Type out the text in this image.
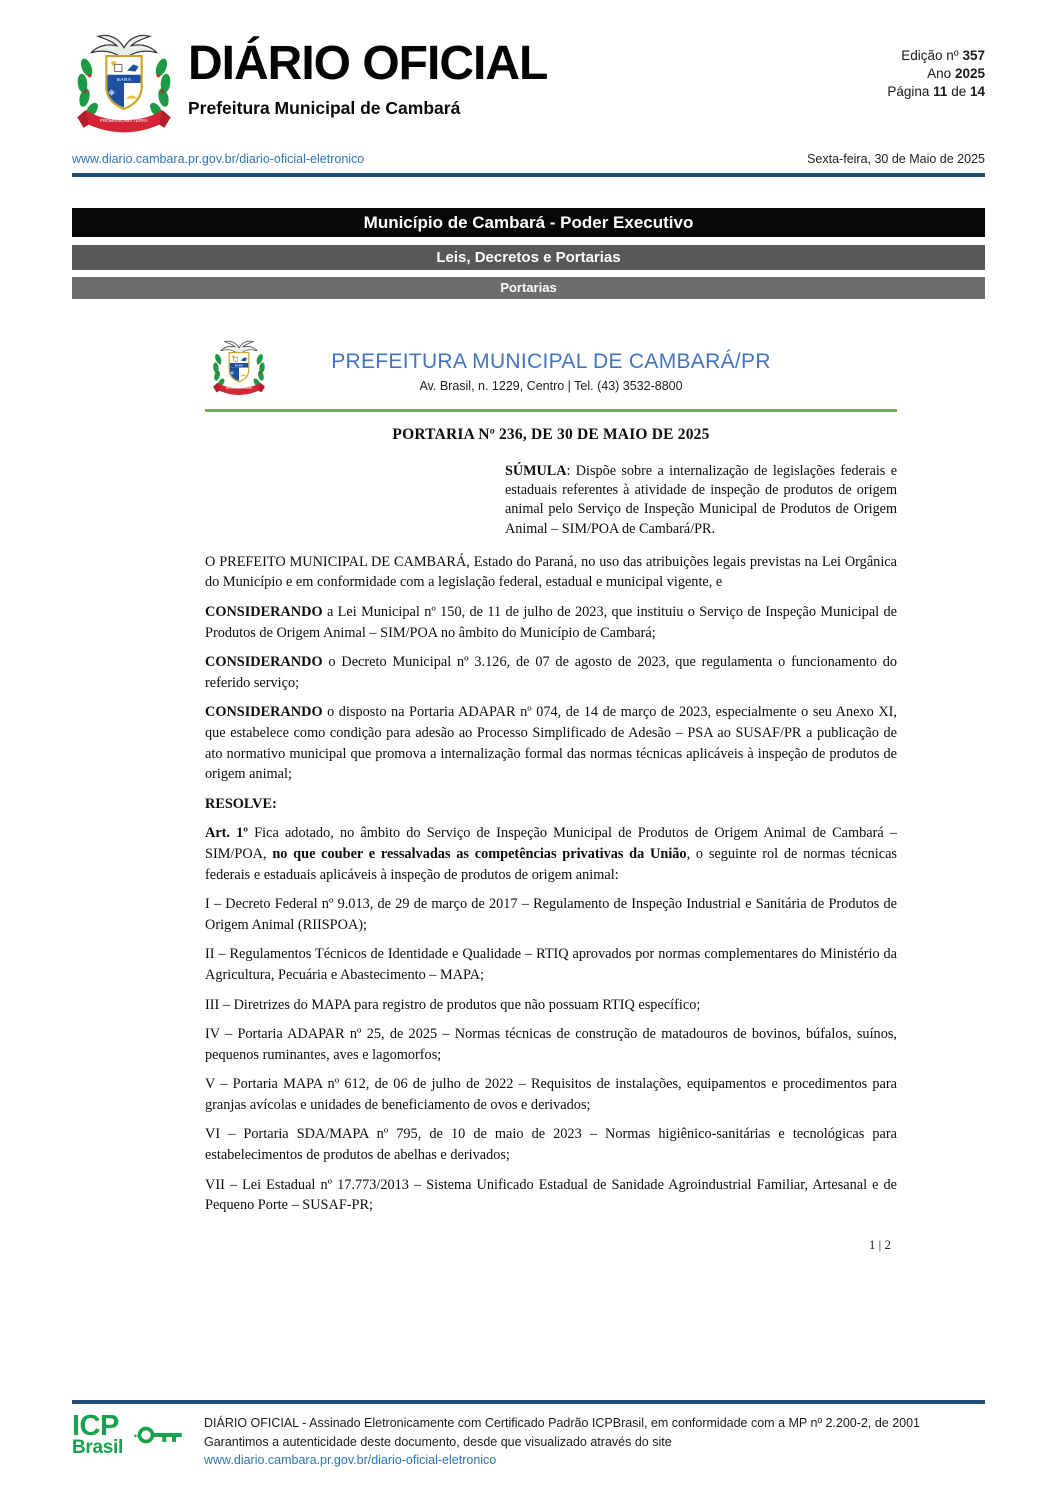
BARÁ
PROMISSIONIS TERRA
DIÁRIO OFICIAL
Prefeitura Municipal de Cambará
Edição nº 357
Ano 2025
Página 11 de 14
www.diario.cambara.pr.gov.br/diario-oficial-eletronico	Sexta-feira, 30 de Maio de 2025
Município de Cambará - Poder Executivo
Leis, Decretos e Portarias
Portarias
BARÁ
PROMISSIONIS TERRA
PREFEITURA MUNICIPAL DE CAMBARÁ/PR
Av. Brasil, n. 1229, Centro | Tel. (43) 3532-8800
PORTARIA Nº 236, DE 30 DE MAIO DE 2025

SÚMULA: Dispõe sobre a internalização de legislações federais e estaduais referentes à atividade de inspeção de produtos de origem animal pelo Serviço de Inspeção Municipal de Produtos de Origem Animal – SIM/POA de Cambará/PR.

O PREFEITO MUNICIPAL DE CAMBARÁ, Estado do Paraná, no uso das atribuições legais previstas na Lei Orgânica do Município e em conformidade com a legislação federal, estadual e municipal vigente, e

CONSIDERANDO a Lei Municipal nº 150, de 11 de julho de 2023, que instituiu o Serviço de Inspeção Municipal de Produtos de Origem Animal – SIM/POA no âmbito do Município de Cambará;

CONSIDERANDO o Decreto Municipal nº 3.126, de 07 de agosto de 2023, que regulamenta o funcionamento do referido serviço;

CONSIDERANDO o disposto na Portaria ADAPAR nº 074, de 14 de março de 2023, especialmente o seu Anexo XI, que estabelece como condição para adesão ao Processo Simplificado de Adesão – PSA ao SUSAF/PR a publicação de ato normativo municipal que promova a internalização formal das normas técnicas aplicáveis à inspeção de produtos de origem animal;

RESOLVE:

Art. 1º Fica adotado, no âmbito do Serviço de Inspeção Municipal de Produtos de Origem Animal de Cambará – SIM/POA, no que couber e ressalvadas as competências privativas da União, o seguinte rol de normas técnicas federais e estaduais aplicáveis à inspeção de produtos de origem animal:

I – Decreto Federal nº 9.013, de 29 de março de 2017 – Regulamento de Inspeção Industrial e Sanitária de Produtos de Origem Animal (RIISPOA);

II – Regulamentos Técnicos de Identidade e Qualidade – RTIQ aprovados por normas complementares do Ministério da Agricultura, Pecuária e Abastecimento – MAPA;

III – Diretrizes do MAPA para registro de produtos que não possuam RTIQ específico;

IV – Portaria ADAPAR nº 25, de 2025 – Normas técnicas de construção de matadouros de bovinos, búfalos, suínos, pequenos ruminantes, aves e lagomorfos;

V – Portaria MAPA nº 612, de 06 de julho de 2022 – Requisitos de instalações, equipamentos e procedimentos para granjas avícolas e unidades de beneficiamento de ovos e derivados;

VI – Portaria SDA/MAPA nº 795, de 10 de maio de 2023 – Normas higiênico-sanitárias e tecnológicas para estabelecimentos de produtos de abelhas e derivados;

VII – Lei Estadual nº 17.773/2013 – Sistema Unificado Estadual de Sanidade Agroindustrial Familiar, Artesanal e de Pequeno Porte – SUSAF-PR;

1 | 2
ICP
Brasil
DIÁRIO OFICIAL - Assinado Eletronicamente com Certificado Padrão ICPBrasil, em conformidade com a MP nº 2.200-2, de 2001
Garantimos a autenticidade deste documento, desde que visualizado através do site
www.diario.cambara.pr.gov.br/diario-oficial-eletronico
